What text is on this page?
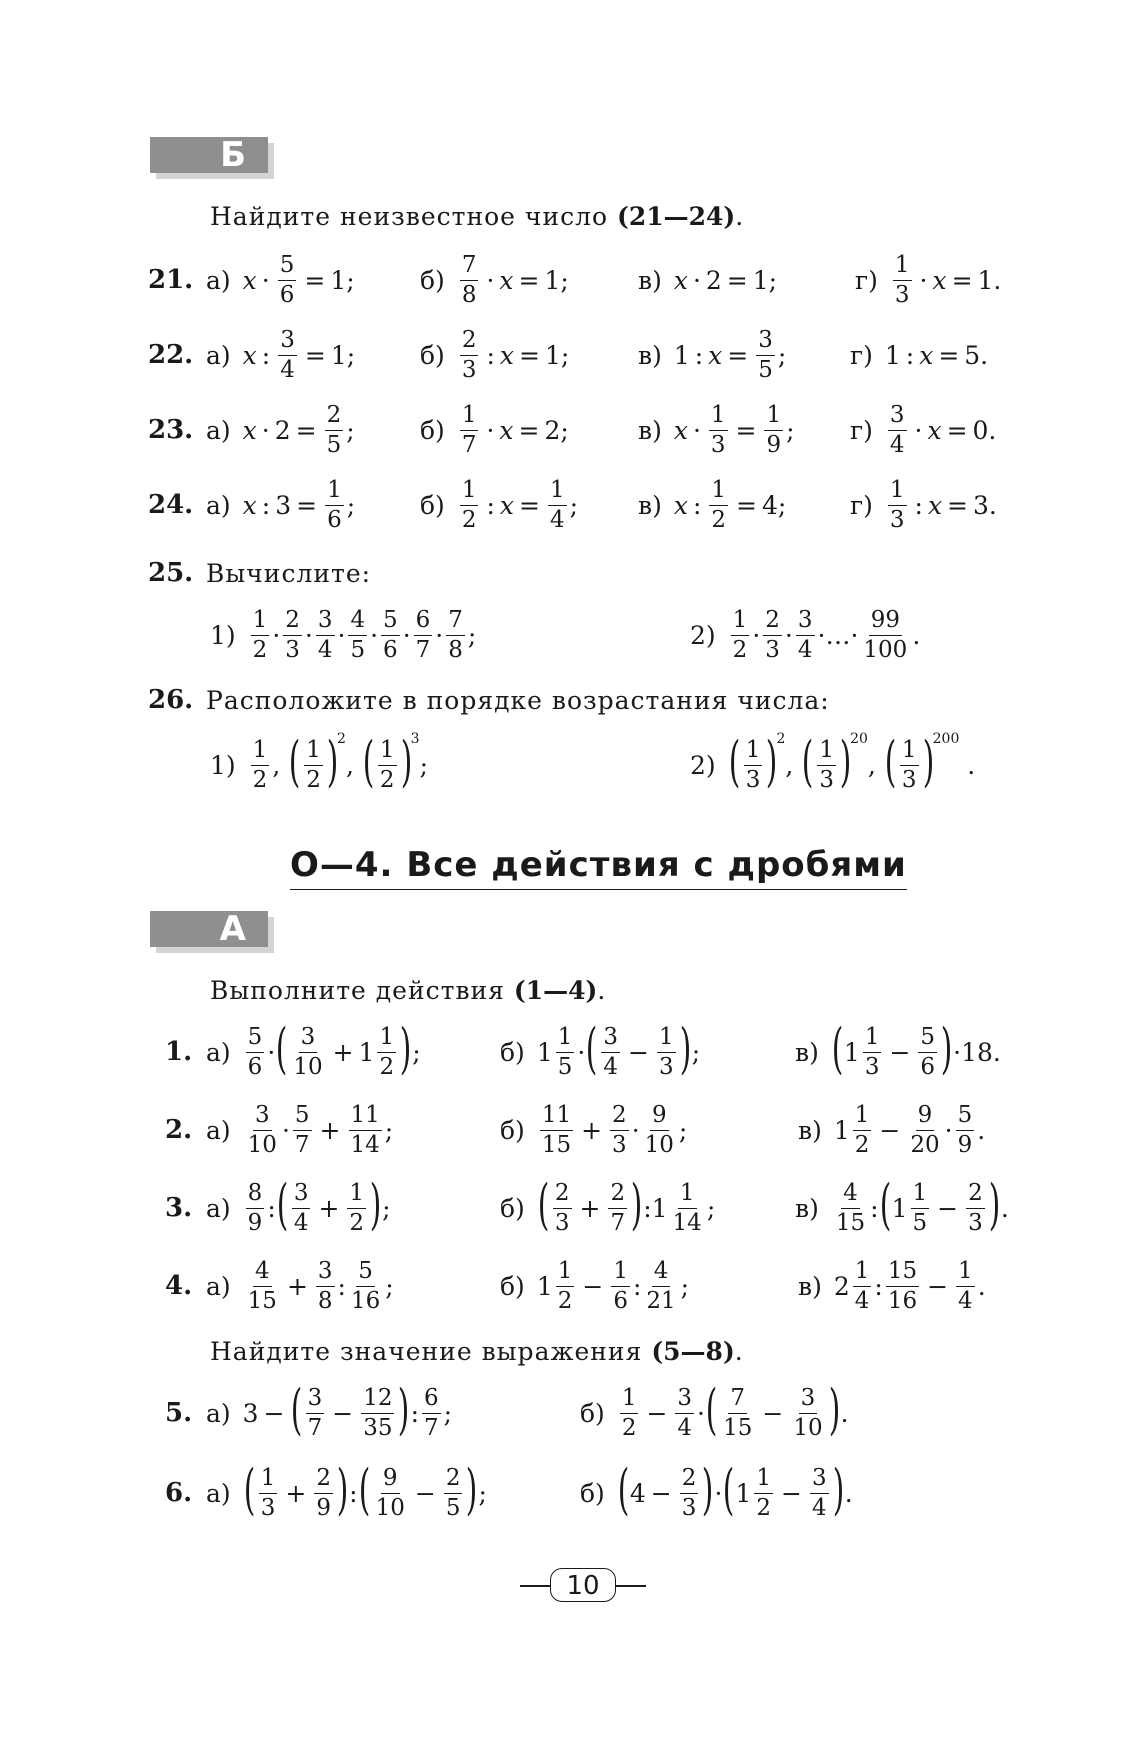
Б
Найдите неизвестное число (21—24).
21. а) $x \cdot \frac{5}{6} = 1$;	$б) \frac{7}{8} \cdot x = 1$;	в) x · 2 = 1;	$г) \frac{1}{3} \cdot x = 1$.
22. а) x : $\frac{3}{4} = 1$;	$б) \frac{2}{3}$ : x = 1;	в) 1 : $x = \frac{3}{5}$ ;	г) 1 : x = 5.
23. а) $x \cdot 2 = \frac{2}{5}$ ;	$б) \frac{1}{7} \cdot x = 2$;	в) $x \cdot \frac{1}{3} = \frac{1}{9}$ ; $г) \frac{3}{4} \cdot x = 0$.
24. а) x : $3 = \frac{1}{6}$ ;	$б) \frac{1}{2}$ : $x = \frac{1}{4}$ ; в) x : $\frac{1}{2} = 4$;	$г) \frac{1}{3}$ : x = 3.
25. Вычислите:
$1) \frac{1}{2} \cdot \frac{2}{3} \cdot \frac{3}{4} \cdot \frac{4}{5} \cdot \frac{5}{6} \cdot \frac{6}{7} \cdot \frac{7}{8}$ ;	$2) \frac{1}{2} \cdot \frac{2}{3} \cdot \frac{3}{4}$ ·…· $\frac{99}{100}$ .
26. Расположите в порядке возрастания числа:
$1) \frac{1}{2}$ , ( $\frac{1}{2}$ )
2
, ( $\frac{1}{2}$ )
3
;	2) ( $\frac{1}{3}$ )
2
, ( $\frac{1}{3}$ )
20
, ( $\frac{1}{3}$ )
200
.
О—4. Все действия с дробями
А
Выполните действия (1—4).
1. $а) \frac{5}{6}$ · ( $\frac{3}{10} + 1 \frac{1}{2}$ ) ;	б) $1 \frac{1}{5}$ · ( $\frac{3}{4} - \frac{1}{3}$ ) ;	в) ( $1 \frac{1}{3} - \frac{5}{6}$ ) ·18.
2. $а) \frac{3}{10} \cdot \frac{5}{7} + \frac{11}{14}$ ;	$б) \frac{11}{15} + \frac{2}{3} \cdot \frac{9}{10}$ ;	в) $1 \frac{1}{2} - \frac{9}{20} \cdot \frac{5}{9}$ .
3. $а) \frac{8}{9}$ : ( $\frac{3}{4} + \frac{1}{2}$ ) ;	б) ( $\frac{2}{3} + \frac{2}{7}$ ) :1 $\frac{1}{14}$ ;	$в) \frac{4}{15}$ : ( $1 \frac{1}{5} - \frac{2}{3}$ ) .
4. $а) \frac{4}{15} + \frac{3}{8}$ : $\frac{5}{16}$ ;	б) $1 \frac{1}{2} - \frac{1}{6}$ : $\frac{4}{21}$ ;	в) $2 \frac{1}{4}$ : $\frac{15}{16} - \frac{1}{4}$ .
Найдите значение выражения (5—8).
5. а) 3 − ( $\frac{3}{7} - \frac{12}{35}$ ) : $\frac{6}{7}$ ;	$б) \frac{1}{2} - \frac{3}{4}$ · ( $\frac{7}{15} - \frac{3}{10}$ ) .
6. а) ( $\frac{1}{3} + \frac{2}{9}$ ) : ( $\frac{9}{10} - \frac{2}{5}$ ) ;	б) ( $4 - \frac{2}{3}$ ) · ( $1 \frac{1}{2} - \frac{3}{4}$ ) .
10
